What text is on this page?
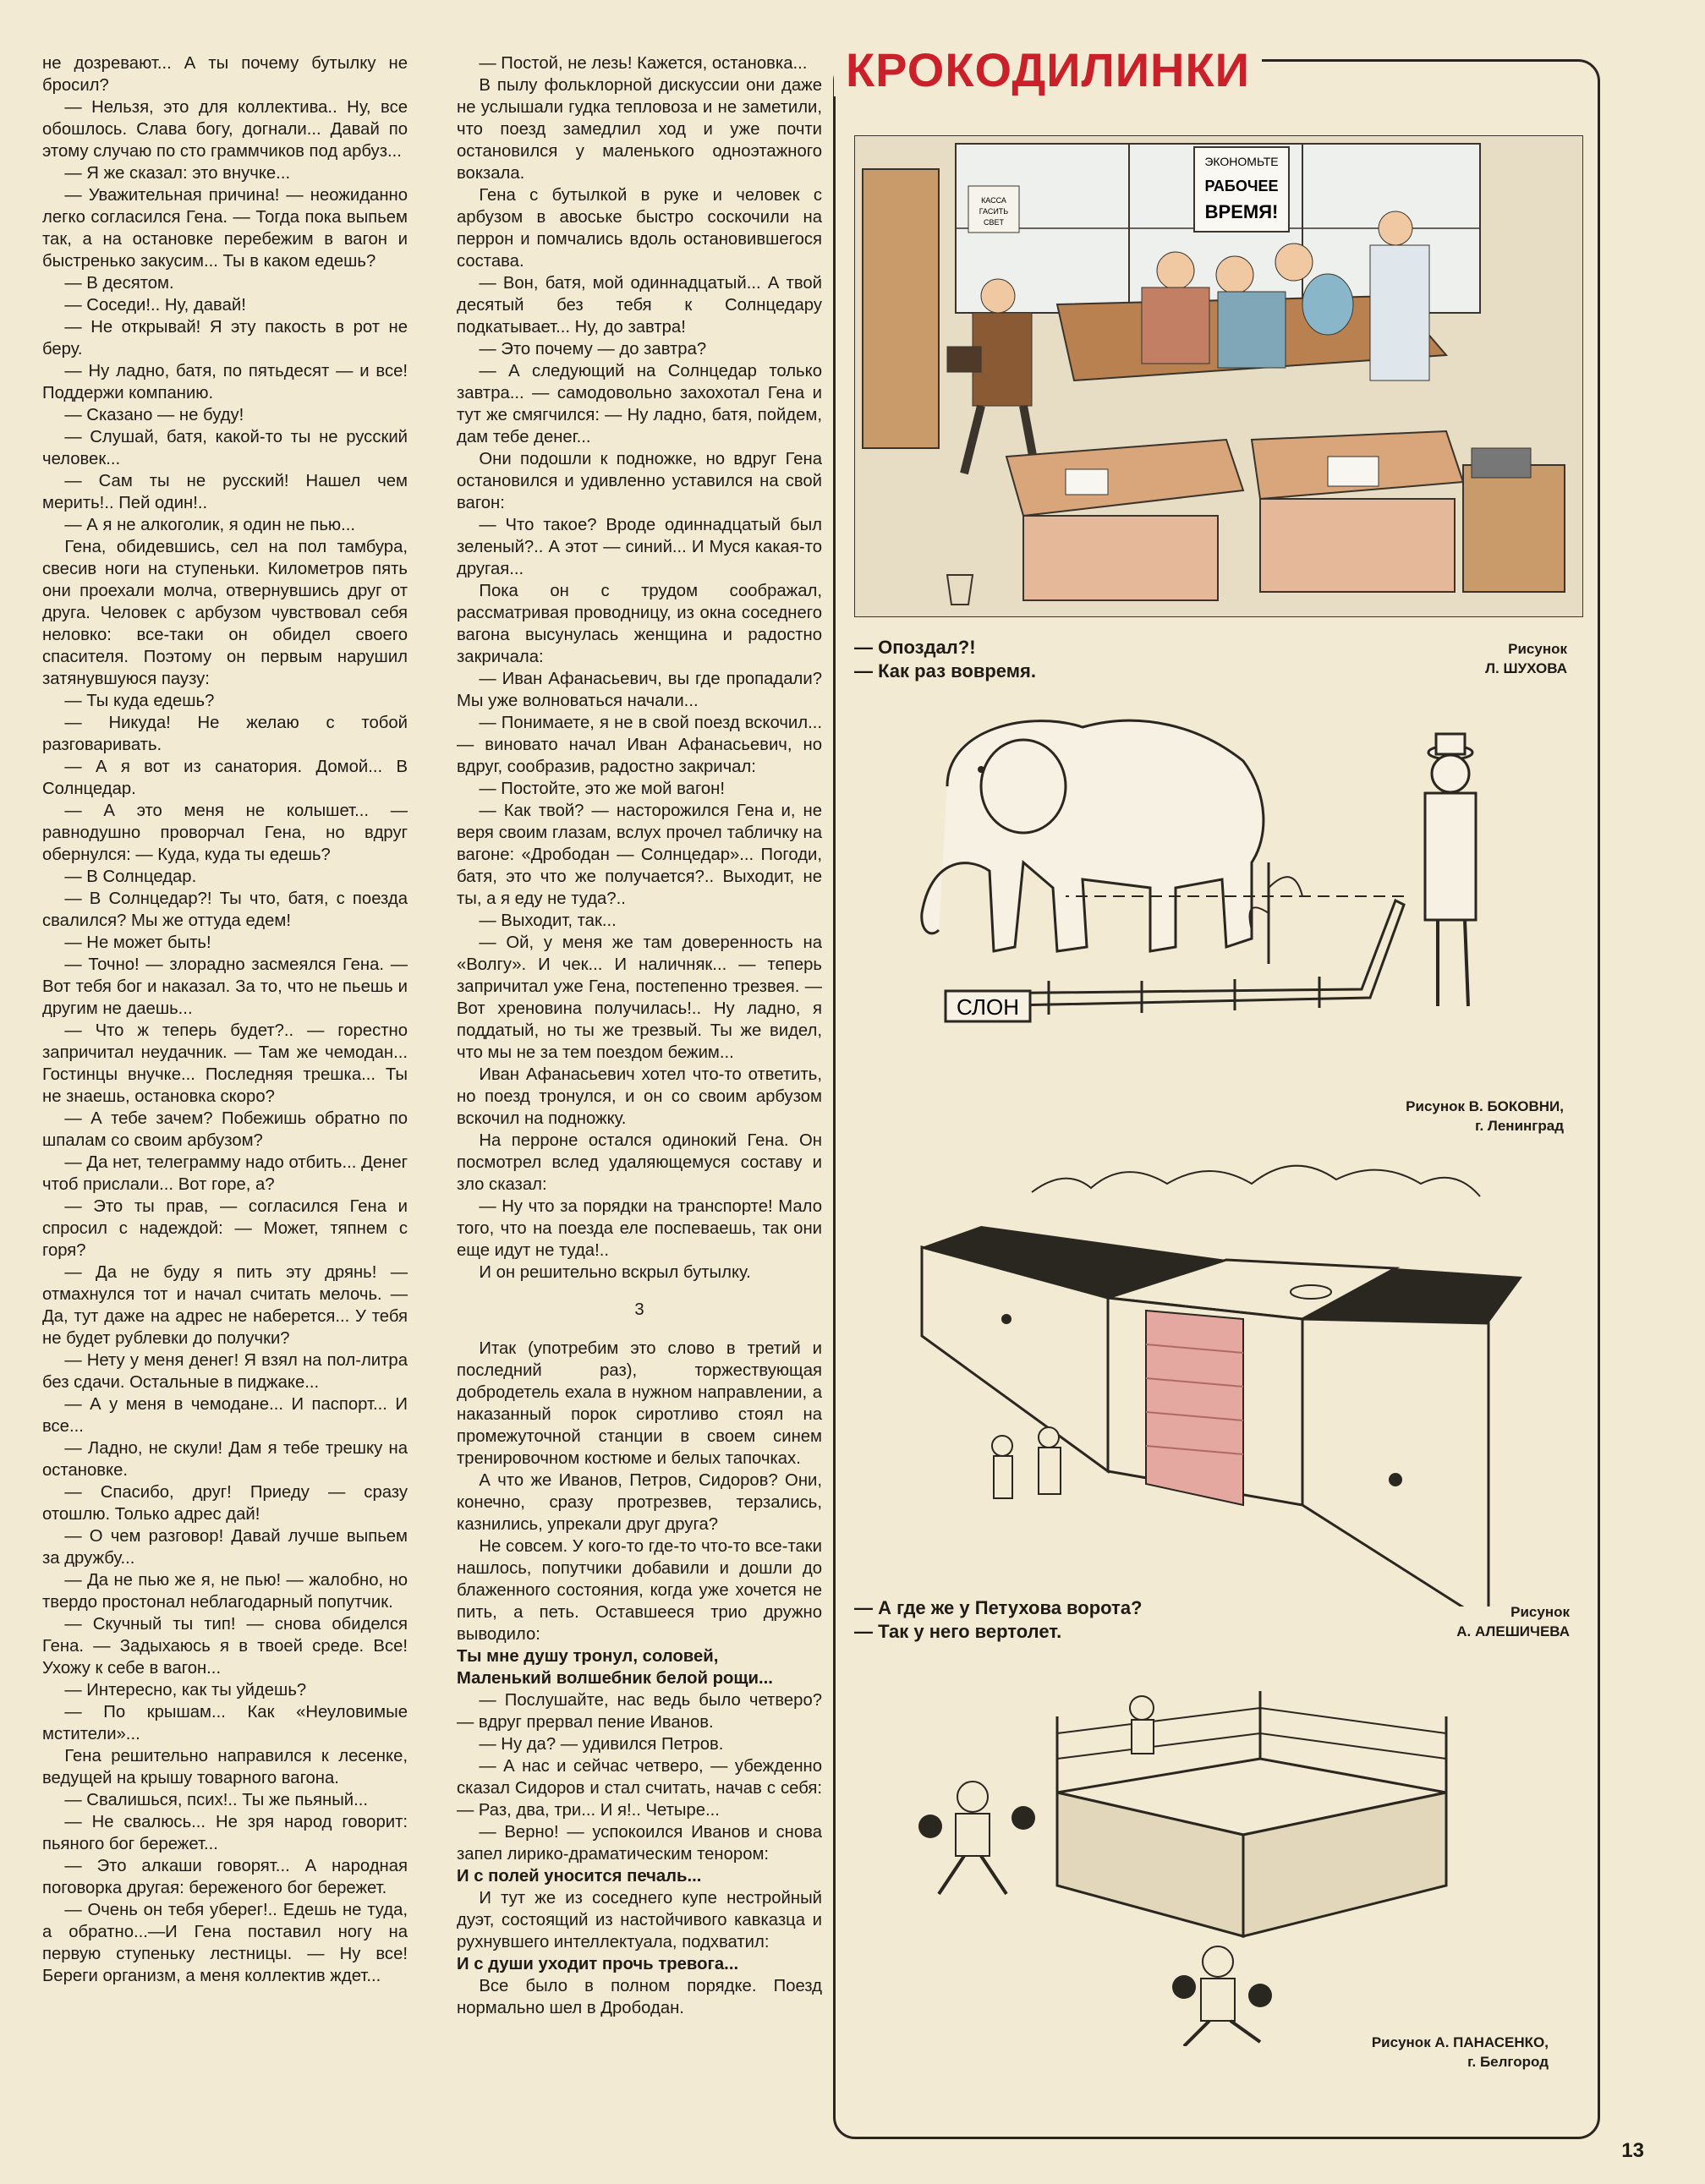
не дозревают... А ты почему бутылку не бросил?

— Нельзя, это для коллектива.. Ну, все обошлось. Слава богу, догнали... Давай по этому случаю по сто граммчиков под арбуз...

— Я же сказал: это внучке...

— Уважительная причина! — неожиданно легко согласился Гена. — Тогда пока выпьем так, а на остановке перебежим в вагон и быстренько закусим... Ты в каком едешь?

— В десятом.

— Соседи!.. Ну, давай!

— Не открывай! Я эту пакость в рот не беру.

— Ну ладно, батя, по пятьдесят — и все! Поддержи компанию.

— Сказано — не буду!

— Слушай, батя, какой-то ты не русский человек...

— Сам ты не русский! Нашел чем мерить!.. Пей один!..

— А я не алкоголик, я один не пью...

Гена, обидевшись, сел на пол тамбура, свесив ноги на ступеньки. Километров пять они проехали молча, отвернувшись друг от друга. Человек с арбузом чувствовал себя неловко: все-таки он обидел своего спасителя. Поэтому он первым нарушил затянувшуюся паузу:

— Ты куда едешь?

— Никуда! Не желаю с тобой разговаривать.

— А я вот из санатория. Домой... В Солнцедар.

— А это меня не колышет... — равнодушно проворчал Гена, но вдруг обернулся: — Куда, куда ты едешь?

— В Солнцедар.

— В Солнцедар?! Ты что, батя, с поезда свалился? Мы же оттуда едем!

— Не может быть!

— Точно! — злорадно засмеялся Гена. — Вот тебя бог и наказал. За то, что не пьешь и другим не даешь...

— Что ж теперь будет?.. — горестно запричитал неудачник. — Там же чемодан... Гостинцы внучке... Последняя трешка... Ты не знаешь, остановка скоро?

— А тебе зачем? Побежишь обратно по шпалам со своим арбузом?

— Да нет, телеграмму надо отбить... Денег чтоб прислали... Вот горе, а?

— Это ты прав, — согласился Гена и спросил с надеждой: — Может, тяпнем с горя?

— Да не буду я пить эту дрянь! — отмахнулся тот и начал считать мелочь. — Да, тут даже на адрес не наберется... У тебя не будет рублевки до получки?

— Нету у меня денег! Я взял на пол-литра без сдачи. Остальные в пиджаке...

— А у меня в чемодане... И паспорт... И все...

— Ладно, не скули! Дам я тебе трешку на остановке.

— Спасибо, друг! Приеду — сразу отошлю. Только адрес дай!

— О чем разговор! Давай лучше выпьем за дружбу...

— Да не пью же я, не пью! — жалобно, но твердо простонал неблагодарный попутчик.

— Скучный ты тип! — снова обиделся Гена. — Задыхаюсь я в твоей среде. Все! Ухожу к себе в вагон...

— Интересно, как ты уйдешь?

— По крышам... Как «Неуловимые мстители»...

Гена решительно направился к лесенке, ведущей на крышу товарного вагона.

— Свалишься, псих!.. Ты же пьяный...

— Не свалюсь... Не зря народ говорит: пьяного бог бережет...

— Это алкаши говорят... А народная поговорка другая: береженого бог бережет.

— Очень он тебя уберег!.. Едешь не туда, а обратно...—И Гена поставил ногу на первую ступеньку лестницы. — Ну все! Береги организм, а меня коллектив ждет...

— Постой, не лезь! Кажется, остановка...

В пылу фольклорной дискуссии они даже не услышали гудка тепловоза и не заметили, что поезд замедлил ход и уже почти остановился у маленького одноэтажного вокзала.

Гена с бутылкой в руке и человек с арбузом в авоське быстро соскочили на перрон и помчались вдоль остановившегося состава.

— Вон, батя, мой одиннадцатый... А твой десятый без тебя к Солнцедару подкатывает... Ну, до завтра!

— Это почему — до завтра?

— А следующий на Солнцедар только завтра... — самодовольно захохотал Гена и тут же смягчился: — Ну ладно, батя, пойдем, дам тебе денег...

Они подошли к подножке, но вдруг Гена остановился и удивленно уставился на свой вагон:

— Что такое? Вроде одиннадцатый был зеленый?.. А этот — синий... И Муся какая-то другая...

Пока он с трудом соображал, рассматривая проводницу, из окна соседнего вагона высунулась женщина и радостно закричала:

— Иван Афанасьевич, вы где пропадали? Мы уже волноваться начали...

— Понимаете, я не в свой поезд вскочил... — виновато начал Иван Афанасьевич, но вдруг, сообразив, радостно закричал:

— Постойте, это же мой вагон!

— Как твой? — насторожился Гена и, не веря своим глазам, вслух прочел табличку на вагоне: «Дрободан — Солнцедар»... Погоди, батя, это что же получается?.. Выходит, не ты, а я еду не туда?..

— Выходит, так...

— Ой, у меня же там доверенность на «Волгу». И чек... И наличняк... — теперь запричитал уже Гена, постепенно трезвея. — Вот хреновина получилась!.. Ну ладно, я поддатый, но ты же трезвый. Ты же видел, что мы не за тем поездом бежим...

Иван Афанасьевич хотел что-то ответить, но поезд тронулся, и он со своим арбузом вскочил на подножку.

На перроне остался одинокий Гена. Он посмотрел вслед удаляющемуся составу и зло сказал:

— Ну что за порядки на транспорте! Мало того, что на поезда еле поспеваешь, так они еще идут не туда!..

И он решительно вскрыл бутылку.

3

Итак (употребим это слово в третий и последний раз), торжествующая добродетель ехала в нужном направлении, а наказанный порок сиротливо стоял на промежуточной станции в своем синем тренировочном костюме и белых тапочках.

А что же Иванов, Петров, Сидоров? Они, конечно, сразу протрезвев, терзались, казнились, упрекали друг друга?

Не совсем. У кого-то где-то что-то все-таки нашлось, попутчики добавили и дошли до блаженного состояния, когда уже хочется не пить, а петь. Оставшееся трио дружно выводило:

Ты мне душу тронул, соловей,

Маленький волшебник белой рощи...

— Послушайте, нас ведь было четверо? — вдруг прервал пение Иванов.

— Ну да? — удивился Петров.

— А нас и сейчас четверо, — убежденно сказал Сидоров и стал считать, начав с себя: — Раз, два, три... И я!.. Четыре...

— Верно! — успокоился Иванов и снова запел лирико-драматическим тенором:

И с полей уносится печаль...

И тут же из соседнего купе нестройный дуэт, состоящий из настойчивого кавказца и рухнувшего интеллектуала, подхватил:

И с души уходит прочь тревога...

Все было в полном порядке. Поезд нормально шел в Дрободан.

КРОКОДИЛИНКИ
КАССА
ГАСИТЬ
СВЕТ
ЭКОНОМЬТЕ
РАБОЧЕЕ
ВРЕМЯ!
— Опоздал?!
— Как раз вовремя.
Рисунок
Л. ШУХОВА
СЛОН
Рисунок В. БОКОВНИ,
г. Ленинград
— А где же у Петухова ворота?
— Так у него вертолет.
Рисунок
А. АЛЕШИЧЕВА
Рисунок А. ПАНАСЕНКО,
г. Белгород
13
